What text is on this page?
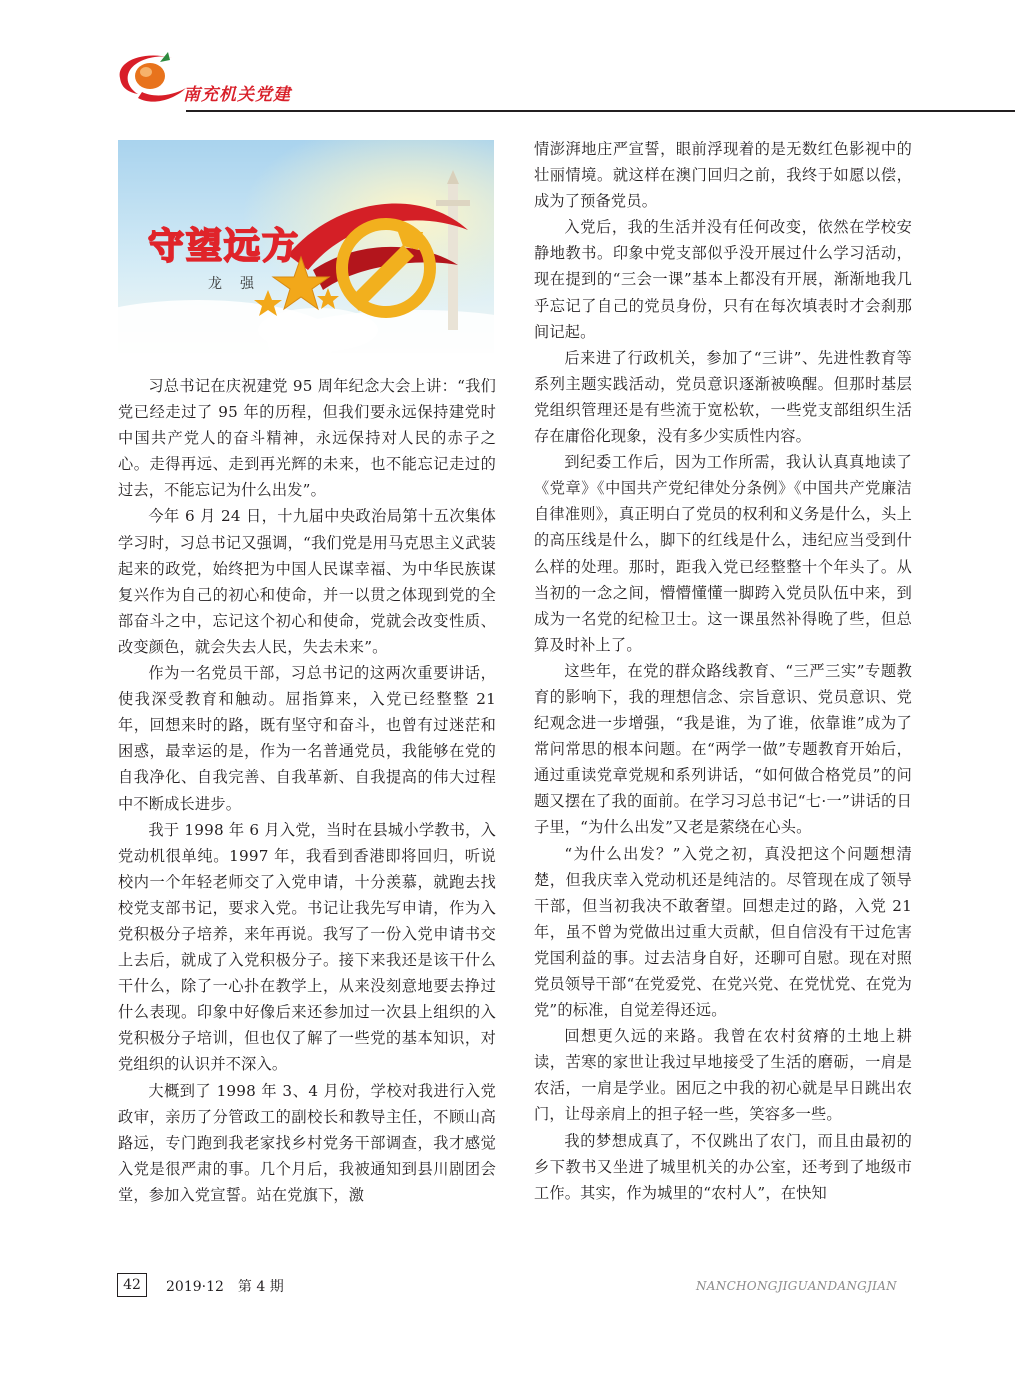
南充机关党建
守望远方
龙强

习总书记在庆祝建党 95 周年纪念大会上讲：“我们党已经走过了 95 年的历程，但我们要永远保持建党时中国共产党人的奋斗精神，永远保持对人民的赤子之心。走得再远、走到再光辉的未来，也不能忘记走过的过去，不能忘记为什么出发”。

今年 6 月 24 日，十九届中央政治局第十五次集体学习时，习总书记又强调，“我们党是用马克思主义武装起来的政党，始终把为中国人民谋幸福、为中华民族谋复兴作为自己的初心和使命，并一以贯之体现到党的全部奋斗之中，忘记这个初心和使命，党就会改变性质、改变颜色，就会失去人民，失去未来”。

作为一名党员干部，习总书记的这两次重要讲话，使我深受教育和触动。屈指算来，入党已经整整 21 年，回想来时的路，既有坚守和奋斗，也曾有过迷茫和困惑，最幸运的是，作为一名普通党员，我能够在党的自我净化、自我完善、自我革新、自我提高的伟大过程中不断成长进步。

我于 1998 年 6 月入党，当时在县城小学教书，入党动机很单纯。1997 年，我看到香港即将回归，听说校内一个年轻老师交了入党申请，十分羡慕，就跑去找校党支部书记，要求入党。书记让我先写申请，作为入党积极分子培养，来年再说。我写了一份入党申请书交上去后，就成了入党积极分子。接下来我还是该干什么干什么，除了一心扑在教学上，从来没刻意地要去挣过什么表现。印象中好像后来还参加过一次县上组织的入党积极分子培训，但也仅了解了一些党的基本知识，对党组织的认识并不深入。

大概到了 1998 年 3、4 月份，学校对我进行入党政审，亲历了分管政工的副校长和教导主任，不顾山高路远，专门跑到我老家找乡村党务干部调查，我才感觉入党是很严肃的事。几个月后，我被通知到县川剧团会堂，参加入党宣誓。站在党旗下，激

情澎湃地庄严宣誓，眼前浮现着的是无数红色影视中的壮丽情境。就这样在澳门回归之前，我终于如愿以偿，成为了预备党员。

入党后，我的生活并没有任何改变，依然在学校安静地教书。印象中党支部似乎没开展过什么学习活动，现在提到的“三会一课”基本上都没有开展，渐渐地我几乎忘记了自己的党员身份，只有在每次填表时才会刹那间记起。

后来进了行政机关，参加了“三讲”、先进性教育等系列主题实践活动，党员意识逐渐被唤醒。但那时基层党组织管理还是有些流于宽松软，一些党支部组织生活存在庸俗化现象，没有多少实质性内容。

到纪委工作后，因为工作所需，我认认真真地读了《党章》《中国共产党纪律处分条例》《中国共产党廉洁自律准则》，真正明白了党员的权利和义务是什么，头上的高压线是什么，脚下的红线是什么，违纪应当受到什么样的处理。那时，距我入党已经整整十个年头了。从当初的一念之间，懵懵懂懂一脚跨入党员队伍中来，到成为一名党的纪检卫士。这一课虽然补得晚了些，但总算及时补上了。

这些年，在党的群众路线教育、“三严三实”专题教育的影响下，我的理想信念、宗旨意识、党员意识、党纪观念进一步增强，“我是谁，为了谁，依靠谁”成为了常问常思的根本问题。在“两学一做”专题教育开始后，通过重读党章党规和系列讲话，“如何做合格党员”的问题又摆在了我的面前。在学习习总书记“七·一”讲话的日子里，“为什么出发”又老是萦绕在心头。

“为什么出发？”入党之初，真没把这个问题想清楚，但我庆幸入党动机还是纯洁的。尽管现在成了领导干部，但当初我决不敢奢望。回想走过的路，入党 21 年，虽不曾为党做出过重大贡献，但自信没有干过危害党国利益的事。过去洁身自好，还聊可自慰。现在对照党员领导干部“在党爱党、在党兴党、在党忧党、在党为党”的标准，自觉差得还远。

回想更久远的来路。我曾在农村贫瘠的土地上耕读，苦寒的家世让我过早地接受了生活的磨砺，一肩是农活，一肩是学业。困厄之中我的初心就是早日跳出农门，让母亲肩上的担子轻一些，笑容多一些。

我的梦想成真了，不仅跳出了农门，而且由最初的乡下教书又坐进了城里机关的办公室，还考到了地级市工作。其实，作为城里的“农村人”，在快知

42	2019·12　第 4 期	NANCHONGJIGUANDANGJIAN
